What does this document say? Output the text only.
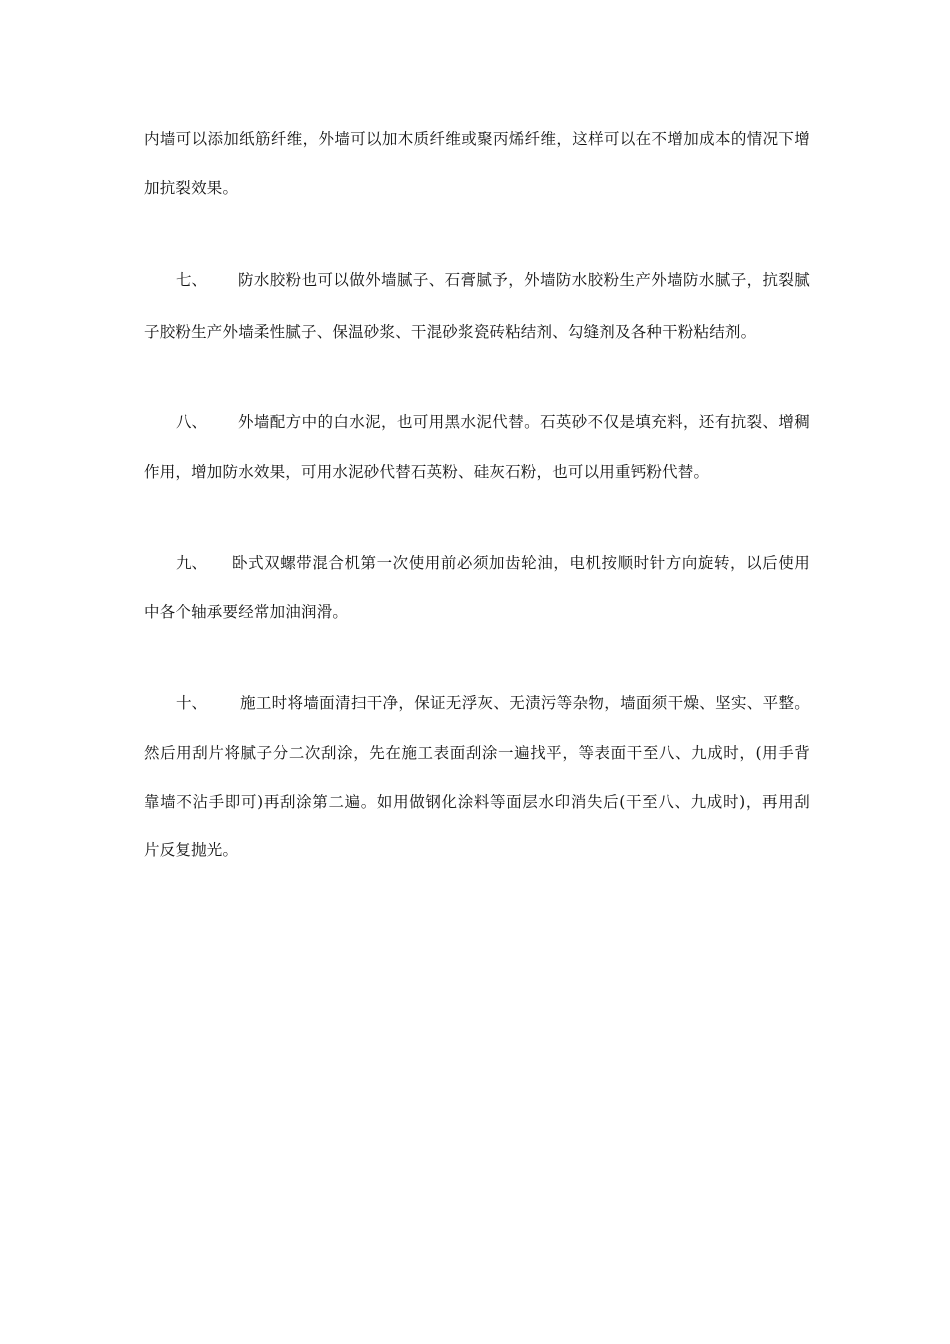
内墙可以添加纸筋纤维，外墙可以加木质纤维或聚丙烯纤维，这样可以在不增加成本的情况下增
加抗裂效果。
七、 防水胶粉也可以做外墙腻子、石膏腻予，外墙防水胶粉生产外墙防水腻子，抗裂腻
子胶粉生产外墙柔性腻子、保温砂浆、干混砂浆瓷砖粘结剂、勾缝剂及各种干粉粘结剂。
八、 外墙配方中的白水泥，也可用黑水泥代替。石英砂不仅是填充料，还有抗裂、增稠
作用，增加防水效果，可用水泥砂代替石英粉、硅灰石粉，也可以用重钙粉代替。
九、 卧式双螺带混合机第一次使用前必须加齿轮油，电机按顺时针方向旋转，以后使用
中各个轴承要经常加油润滑。
十、 施工时将墙面清扫干净，保证无浮灰、无渍污等杂物，墙面须干燥、坚实、平整。
然后用刮片将腻子分二次刮涂，先在施工表面刮涂一遍找平，等表面干至八、九成时，(用手背
靠墙不沾手即可)再刮涂第二遍。如用做钢化涂料等面层水印消失后(干至八、九成时)，再用刮
片反复抛光。
